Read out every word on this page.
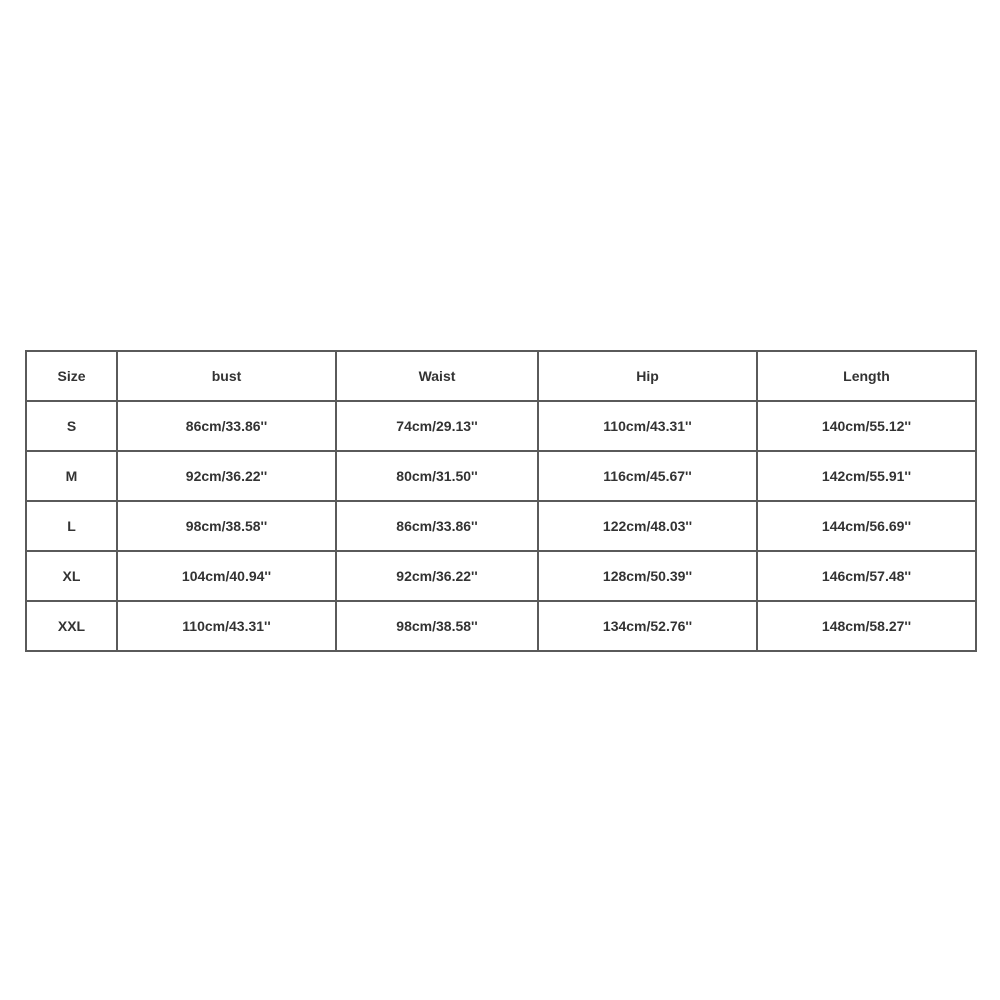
Size	bust	Waist	Hip	Length
S	86cm/33.86''	74cm/29.13''	110cm/43.31''	140cm/55.12''
M	92cm/36.22''	80cm/31.50''	116cm/45.67''	142cm/55.91''
L	98cm/38.58''	86cm/33.86''	122cm/48.03''	144cm/56.69''
XL	104cm/40.94''	92cm/36.22''	128cm/50.39''	146cm/57.48''
XXL	110cm/43.31''	98cm/38.58''	134cm/52.76''	148cm/58.27''
